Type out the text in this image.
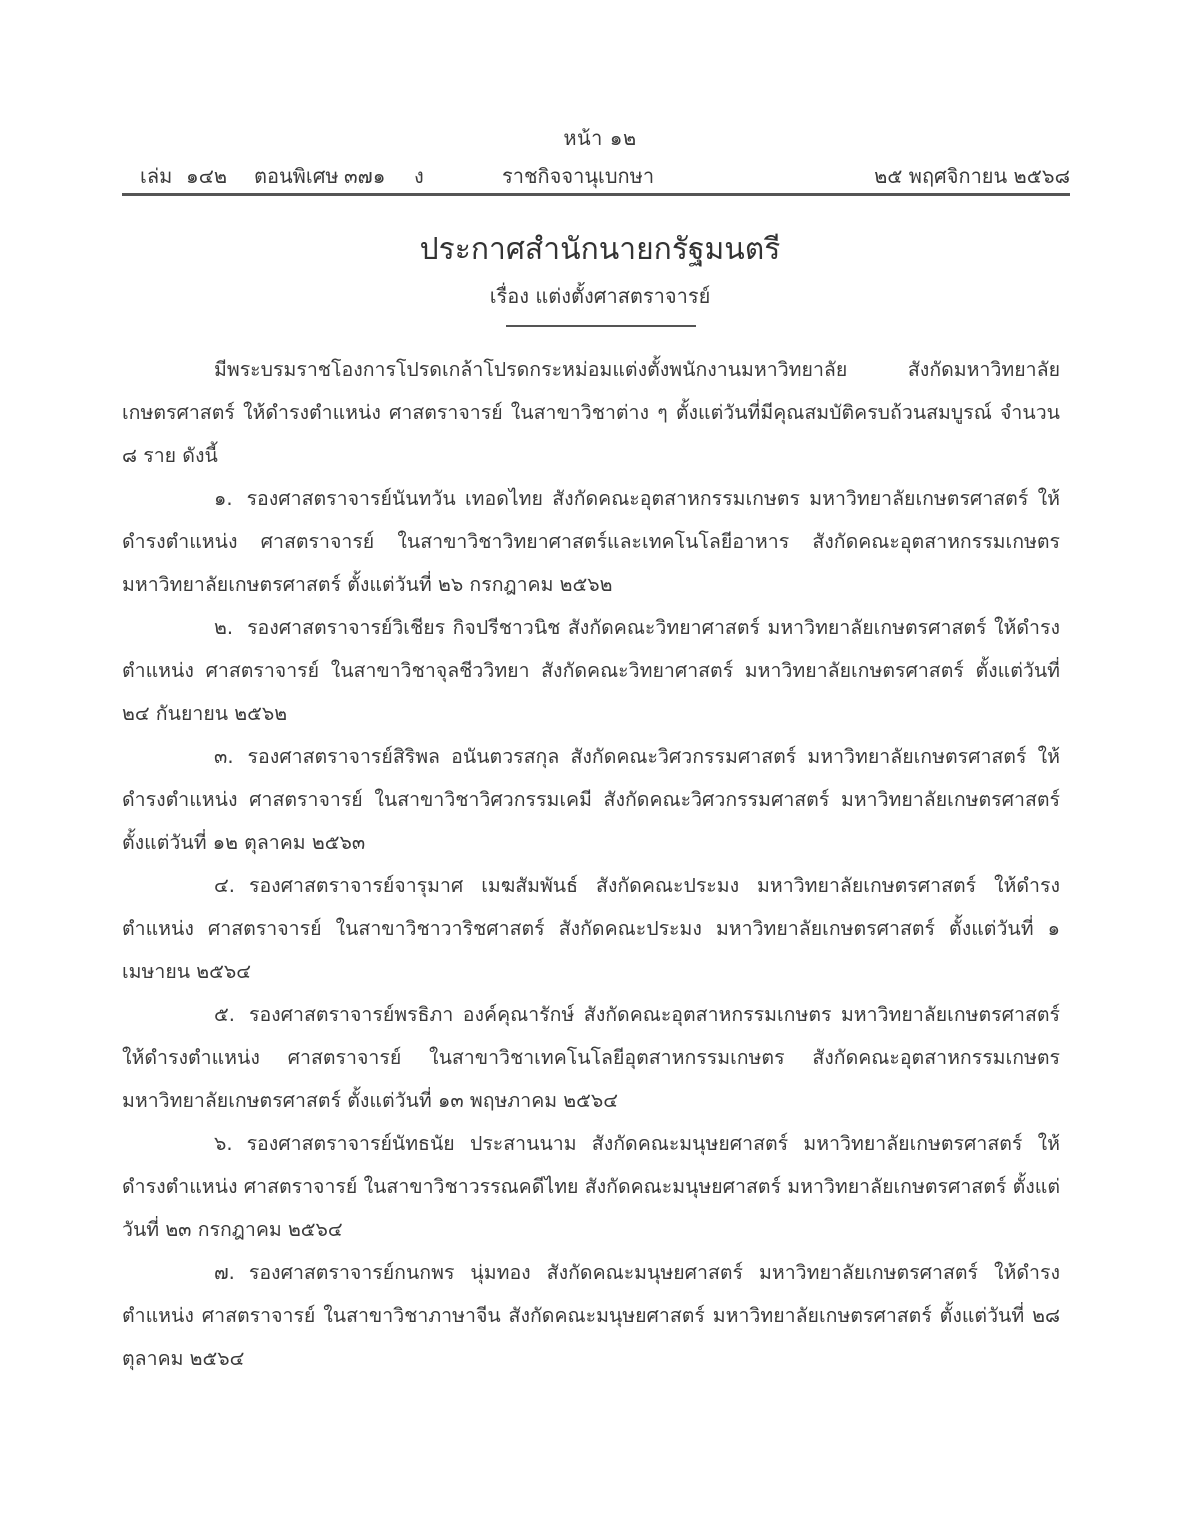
หน้า ๑๒
เล่ม ๑๔๒ ตอนพิเศษ ๓๗๑ ง	ราชกิจจานุเบกษา	๒๕ พฤศจิกายน ๒๕๖๘
ประกาศสำนักนายกรัฐมนตรี
เรื่อง แต่งตั้งศาสตราจารย์

มีพระบรมราชโองการโปรดเกล้าโปรดกระหม่อมแต่งตั้งพนักงานมหาวิทยาลัย สังกัดมหาวิทยาลัยเกษตรศาสตร์ ให้ดำรงตำแหน่ง ศาสตราจารย์ ในสาขาวิชาต่าง ๆ ตั้งแต่วันที่มีคุณสมบัติครบถ้วนสมบูรณ์ จำนวน ๘ ราย ดังนี้

๑. รองศาสตราจารย์นันทวัน เทอดไทย สังกัดคณะอุตสาหกรรมเกษตร มหาวิทยาลัยเกษตรศาสตร์ ให้ดำรงตำแหน่ง ศาสตราจารย์ ในสาขาวิชาวิทยาศาสตร์และเทคโนโลยีอาหาร สังกัดคณะอุตสาหกรรมเกษตร มหาวิทยาลัยเกษตรศาสตร์ ตั้งแต่วันที่ ๒๖ กรกฎาคม ๒๕๖๒

๒. รองศาสตราจารย์วิเชียร กิจปรีชาวนิช สังกัดคณะวิทยาศาสตร์ มหาวิทยาลัยเกษตรศาสตร์ ให้ดำรงตำแหน่ง ศาสตราจารย์ ในสาขาวิชาจุลชีววิทยา สังกัดคณะวิทยาศาสตร์ มหาวิทยาลัยเกษตรศาสตร์ ตั้งแต่วันที่ ๒๔ กันยายน ๒๕๖๒

๓. รองศาสตราจารย์สิริพล อนันตวรสกุล สังกัดคณะวิศวกรรมศาสตร์ มหาวิทยาลัยเกษตรศาสตร์ ให้ดำรงตำแหน่ง ศาสตราจารย์ ในสาขาวิชาวิศวกรรมเคมี สังกัดคณะวิศวกรรมศาสตร์ มหาวิทยาลัยเกษตรศาสตร์ ตั้งแต่วันที่ ๑๒ ตุลาคม ๒๕๖๓

๔. รองศาสตราจารย์จารุมาศ เมฆสัมพันธ์ สังกัดคณะประมง มหาวิทยาลัยเกษตรศาสตร์ ให้ดำรงตำแหน่ง ศาสตราจารย์ ในสาขาวิชาวาริชศาสตร์ สังกัดคณะประมง มหาวิทยาลัยเกษตรศาสตร์ ตั้งแต่วันที่ ๑ เมษายน ๒๕๖๔

๕. รองศาสตราจารย์พรธิภา องค์คุณารักษ์ สังกัดคณะอุตสาหกรรมเกษตร มหาวิทยาลัยเกษตรศาสตร์ ให้ดำรงตำแหน่ง ศาสตราจารย์ ในสาขาวิชาเทคโนโลยีอุตสาหกรรมเกษตร สังกัดคณะอุตสาหกรรมเกษตร มหาวิทยาลัยเกษตรศาสตร์ ตั้งแต่วันที่ ๑๓ พฤษภาคม ๒๕๖๔

๖. รองศาสตราจารย์นัทธนัย ประสานนาม สังกัดคณะมนุษยศาสตร์ มหาวิทยาลัยเกษตรศาสตร์ ให้ดำรงตำแหน่ง ศาสตราจารย์ ในสาขาวิชาวรรณคดีไทย สังกัดคณะมนุษยศาสตร์ มหาวิทยาลัยเกษตรศาสตร์ ตั้งแต่วันที่ ๒๓ กรกฎาคม ๒๕๖๔

๗. รองศาสตราจารย์กนกพร นุ่มทอง สังกัดคณะมนุษยศาสตร์ มหาวิทยาลัยเกษตรศาสตร์ ให้ดำรงตำแหน่ง ศาสตราจารย์ ในสาขาวิชาภาษาจีน สังกัดคณะมนุษยศาสตร์ มหาวิทยาลัยเกษตรศาสตร์ ตั้งแต่วันที่ ๒๘ ตุลาคม ๒๕๖๔
